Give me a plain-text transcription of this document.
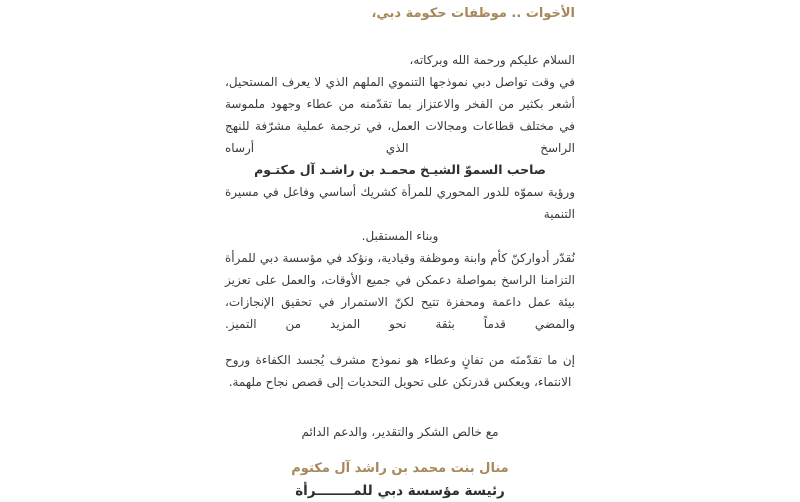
الأخوات .. موظفات حكومة دبي،
السلام عليكم ورحمة الله وبركاته،
في وقت تواصل دبي نموذجها التنموي الملهم الذي لا يعرف المستحيل، أشعر بكثير من الفخر والاعتزاز بما تقدّمنه من عطاء وجهود ملموسة في مختلف قطاعات ومجالات العمل، في ترجمة عملية مشرّفة للنهج الراسخ الذي أرساه
صاحب السموّ الشيـخ محمـد بن راشـد آل مكتـوم
ورؤية سموّه للدور المحوري للمرأة كشريك أساسي وفاعل في مسيرة التنمية
وبناء المستقبل.
نُقدّر أدواركنّ كأم وابنة وموظفة وقيادية، ونؤكد في مؤسسة دبي للمرأة التزامنا الراسخ بمواصلة دعمكن في جميع الأوقات، والعمل على تعزيز بيئة عمل داعمة ومحفزة تتيح لكنّ الاستمرار في تحقيق الإنجازات، والمضي قدماً بثقة نحو المزيد من التميز.
إن ما تقدّمنَه من تفانٍ وعطاء هو نموذج مشرف يُجسد الكفاءة وروح الانتماء، ويعكس قدرتكن على تحويل التحديات إلى قصص نجاح ملهمة.
مع خالص الشكر والتقدير، والدعم الدائم
منال بنت محمد بن راشد آل مكتوم
رئيسة مؤسسة دبي للمــــــــرأة
